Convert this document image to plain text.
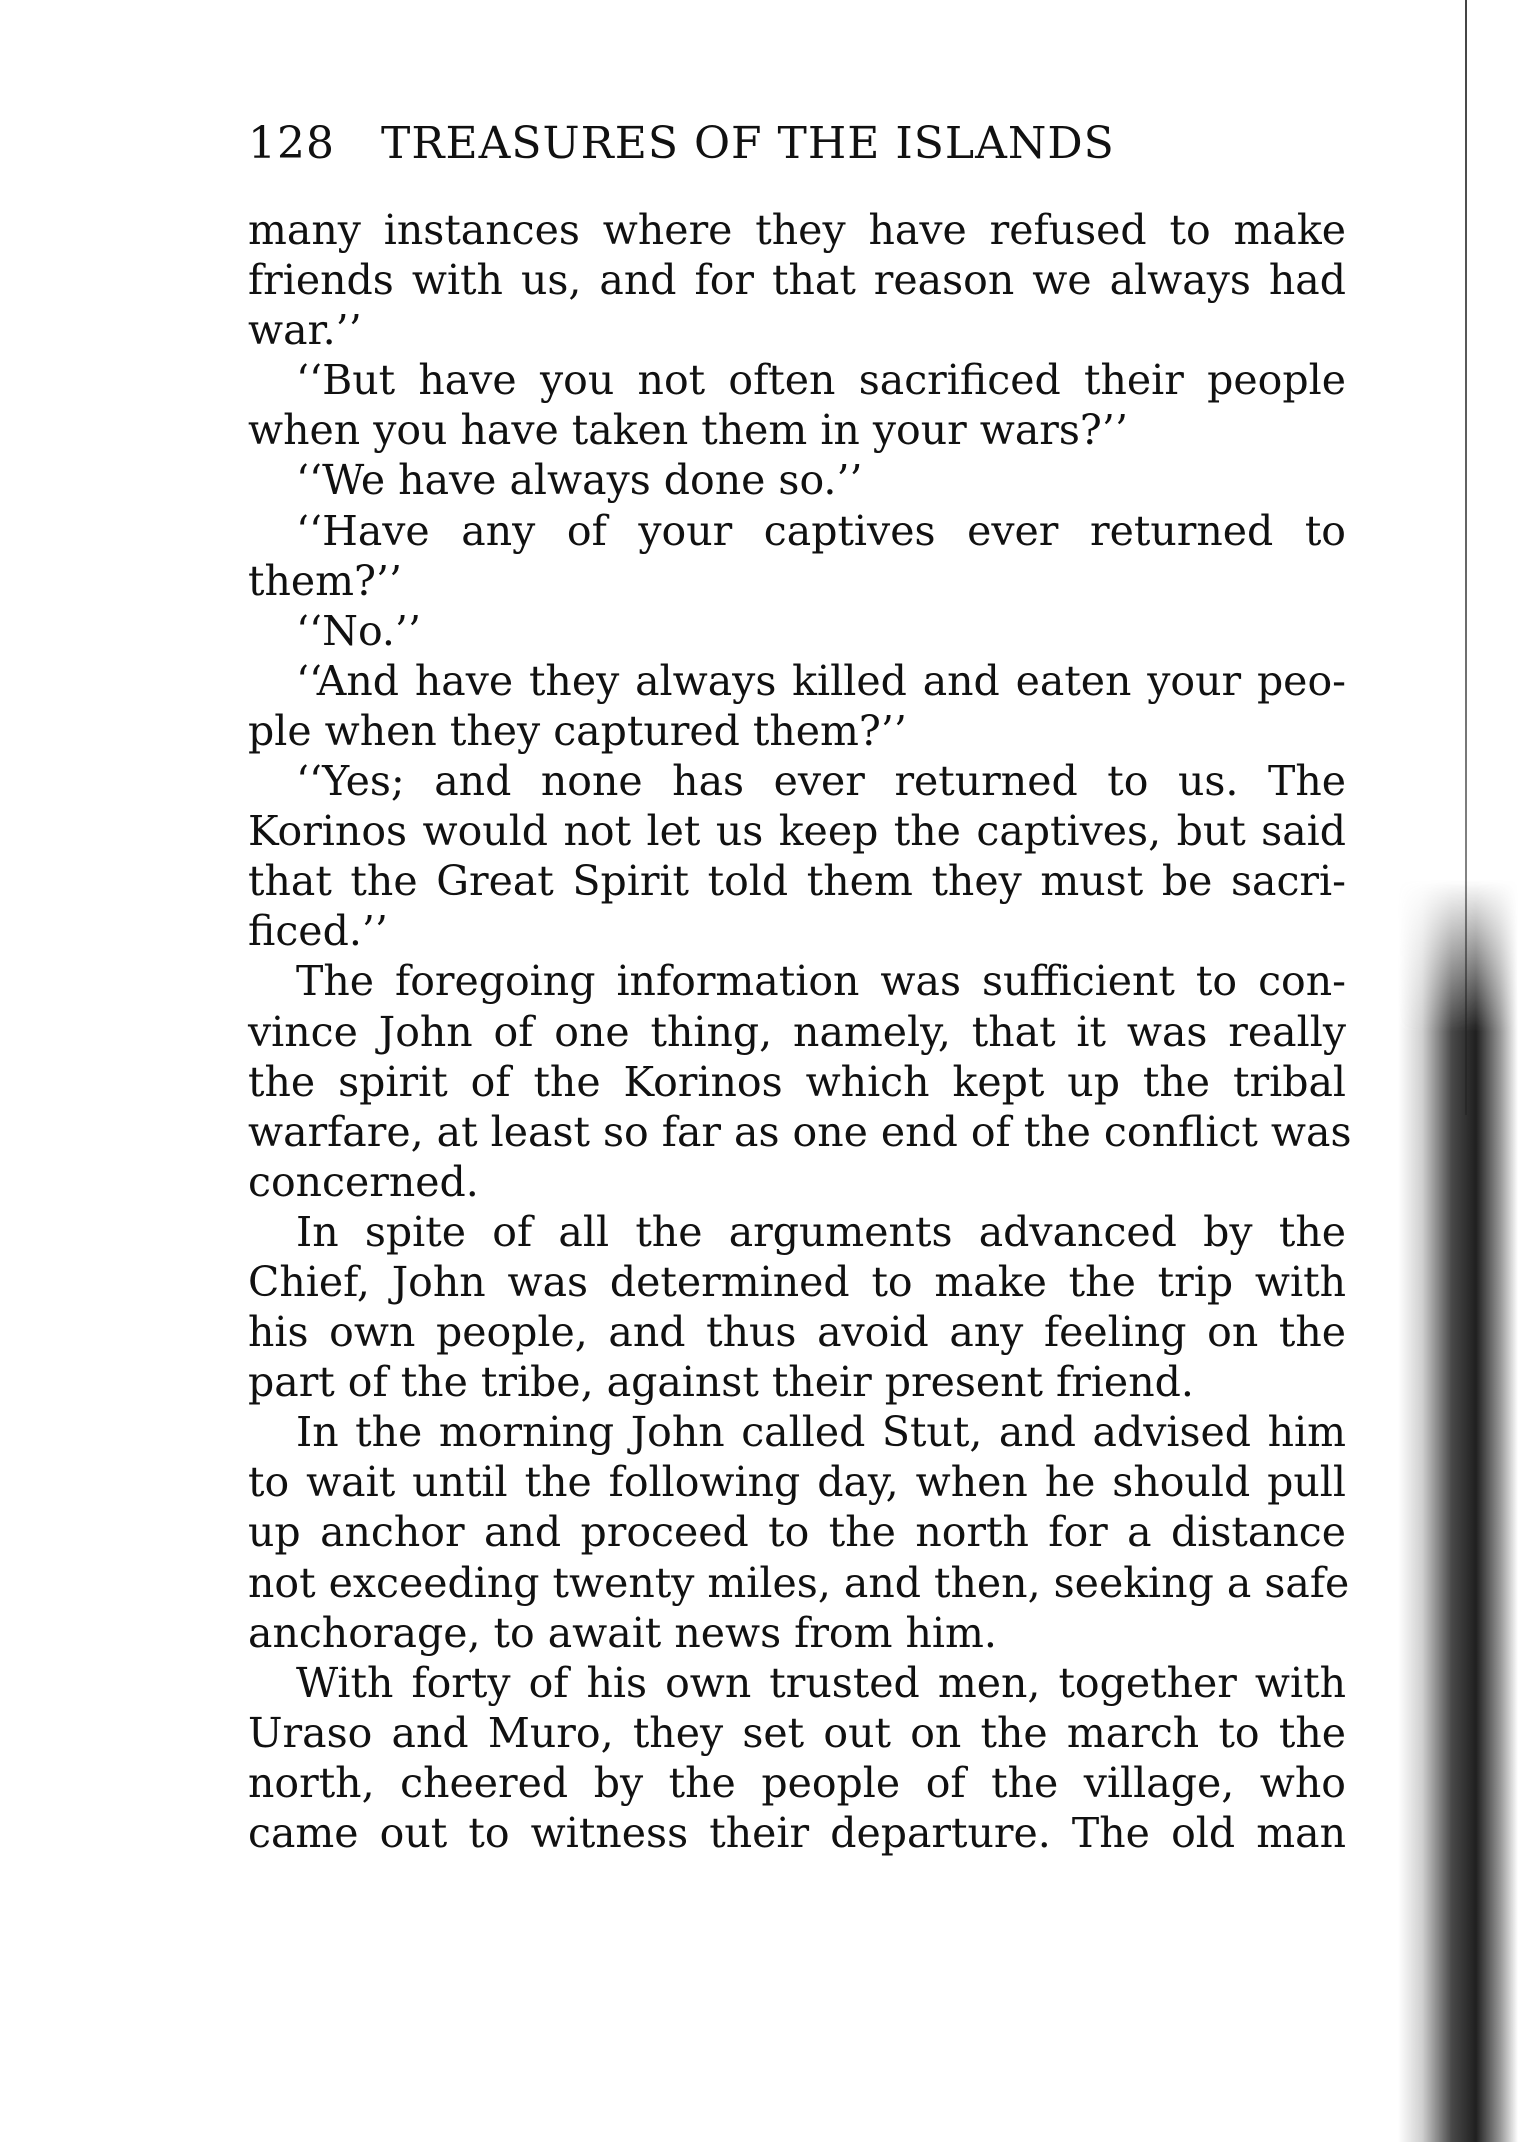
128 TREASURES OF THE ISLANDS
many instances where they have refused to make
friends with us, and for that reason we always had
war.’’
‘‘But have you not often sacrificed their people
when you have taken them in your wars?’’
‘‘We have always done so.’’
‘‘Have any of your captives ever returned to
them?’’
‘‘No.’’
‘‘And have they always killed and eaten your peo-
ple when they captured them?’’
‘‘Yes; and none has ever returned to us. The
Korinos would not let us keep the captives, but said
that the Great Spirit told them they must be sacri-
ficed.’’
The foregoing information was sufficient to con-
vince John of one thing, namely, that it was really
the spirit of the Korinos which kept up the tribal
warfare, at least so far as one end of the conflict was
concerned.
In spite of all the arguments advanced by the
Chief, John was determined to make the trip with
his own people, and thus avoid any feeling on the
part of the tribe, against their present friend.
In the morning John called Stut, and advised him
to wait until the following day, when he should pull
up anchor and proceed to the north for a distance
not exceeding twenty miles, and then, seeking a safe
anchorage, to await news from him.
With forty of his own trusted men, together with
Uraso and Muro, they set out on the march to the
north, cheered by the people of the village, who
came out to witness their departure. The old man
